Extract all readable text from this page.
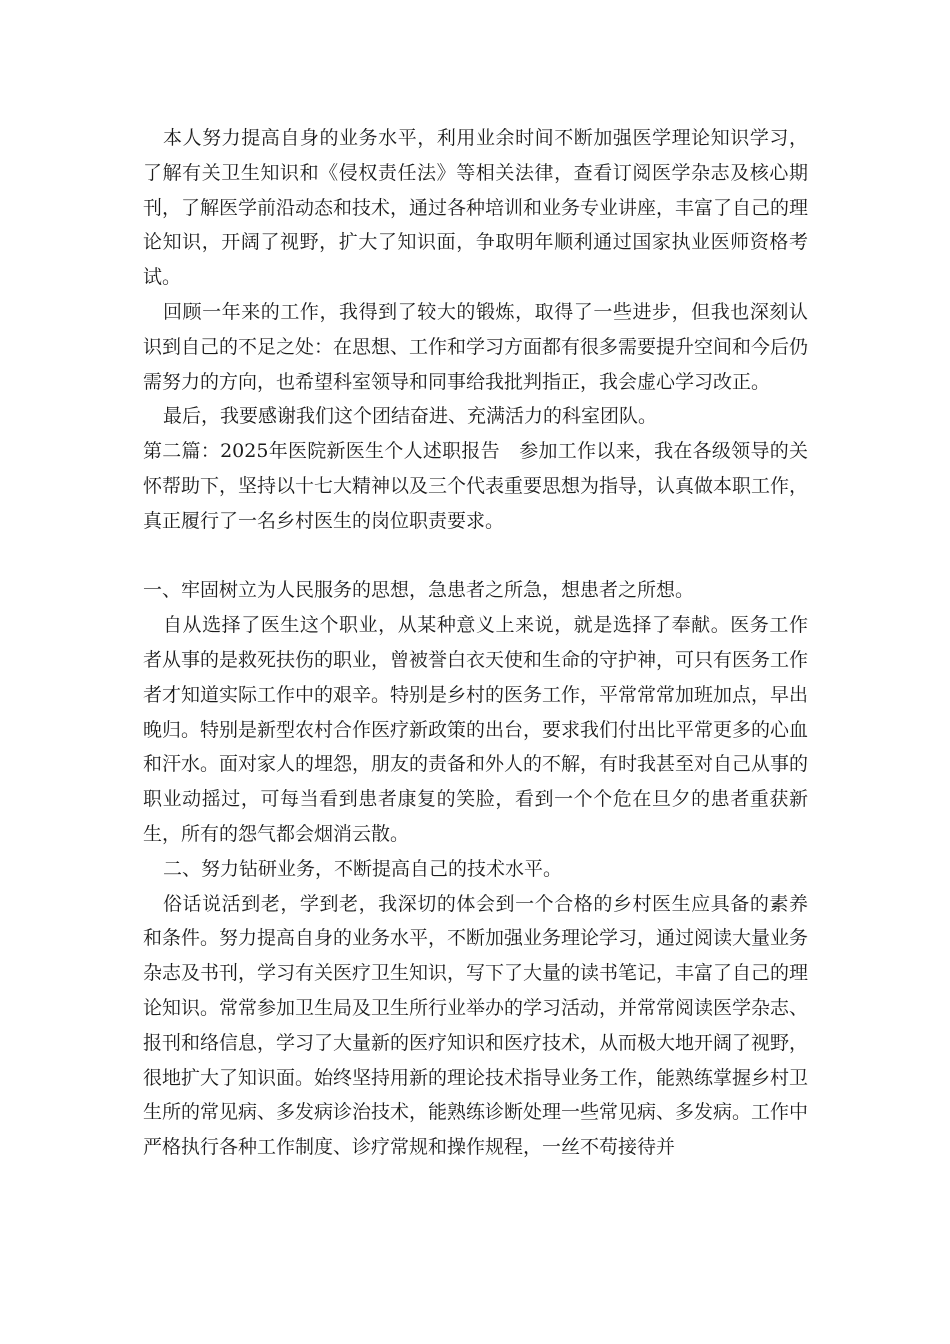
本人努力提高自身的业务水平，利用业余时间不断加强医学理论知识学习，了解有关卫生知识和《侵权责任法》等相关法律，查看订阅医学杂志及核心期刊，了解医学前沿动态和技术，通过各种培训和业务专业讲座，丰富了自己的理论知识，开阔了视野，扩大了知识面，争取明年顺利通过国家执业医师资格考试。

回顾一年来的工作，我得到了较大的锻炼，取得了一些进步，但我也深刻认识到自己的不足之处：在思想、工作和学习方面都有很多需要提升空间和今后仍需努力的方向，也希望科室领导和同事给我批判指正，我会虚心学习改正。

最后，我要感谢我们这个团结奋进、充满活力的科室团队。

第二篇：2025年医院新医生个人述职报告　参加工作以来，我在各级领导的关怀帮助下，坚持以十七大精神以及三个代表重要思想为指导，认真做本职工作，真正履行了一名乡村医生的岗位职责要求。

一、牢固树立为人民服务的思想，急患者之所急，想患者之所想。

自从选择了医生这个职业，从某种意义上来说，就是选择了奉献。医务工作者从事的是救死扶伤的职业，曾被誉白衣天使和生命的守护神，可只有医务工作者才知道实际工作中的艰辛。特别是乡村的医务工作，平常常常加班加点，早出晚归。特别是新型农村合作医疗新政策的出台，要求我们付出比平常更多的心血和汗水。面对家人的埋怨，朋友的责备和外人的不解，有时我甚至对自己从事的职业动摇过，可每当看到患者康复的笑脸，看到一个个危在旦夕的患者重获新生，所有的怨气都会烟消云散。

二、努力钻研业务，不断提高自己的技术水平。

俗话说活到老，学到老，我深切的体会到一个合格的乡村医生应具备的素养和条件。努力提高自身的业务水平，不断加强业务理论学习，通过阅读大量业务杂志及书刊，学习有关医疗卫生知识，写下了大量的读书笔记，丰富了自己的理论知识。常常参加卫生局及卫生所行业举办的学习活动，并常常阅读医学杂志、报刊和络信息，学习了大量新的医疗知识和医疗技术，从而极大地开阔了视野，很地扩大了知识面。始终坚持用新的理论技术指导业务工作，能熟练掌握乡村卫生所的常见病、多发病诊治技术，能熟练诊断处理一些常见病、多发病。工作中严格执行各种工作制度、诊疗常规和操作规程，一丝不苟接待并
